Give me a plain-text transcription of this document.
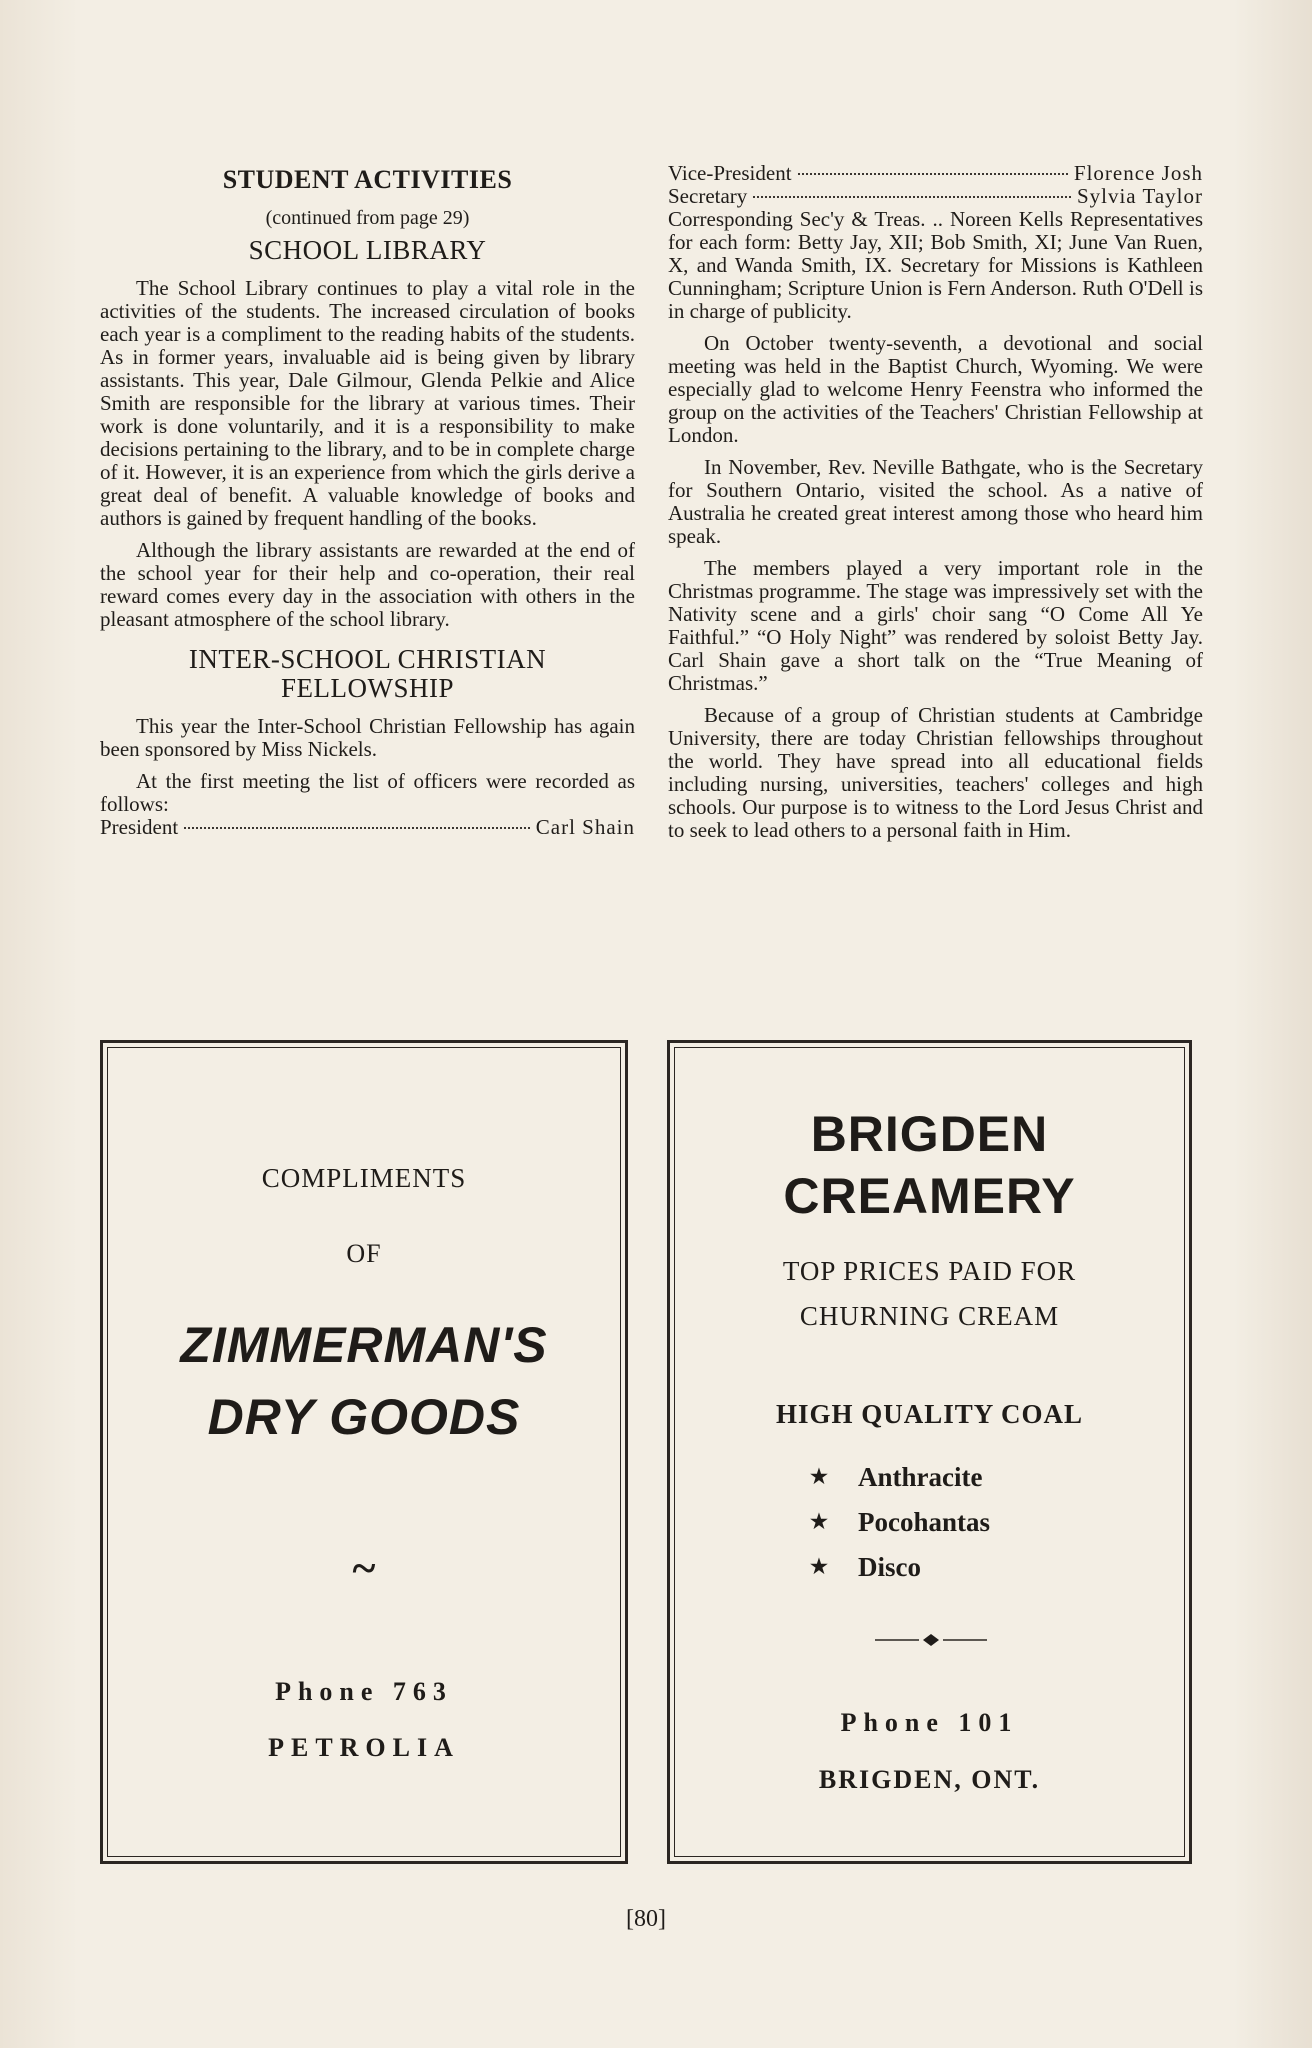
STUDENT ACTIVITIES
(continued from page 29)
SCHOOL LIBRARY

The School Library continues to play a vital role in the activities of the students. The increased circulation of books each year is a compliment to the reading habits of the students. As in former years, invaluable aid is being given by library assistants. This year, Dale Gilmour, Glenda Pelkie and Alice Smith are responsible for the library at various times. Their work is done voluntarily, and it is a responsibility to make decisions pertaining to the library, and to be in complete charge of it. However, it is an experience from which the girls derive a great deal of benefit. A valuable knowledge of books and authors is gained by frequent handling of the books.

Although the library assistants are rewarded at the end of the school year for their help and co-operation, their real reward comes every day in the association with others in the pleasant atmosphere of the school library.

INTER-SCHOOL CHRISTIAN FELLOWSHIP

This year the Inter-School Christian Fellowship has again been sponsored by Miss Nickels.

At the first meeting the list of officers were recorded as follows:

President	Carl Shain
Vice-President	Florence Josh
Secretary	Sylvia Taylor

Corresponding Sec'y & Treas. .. Noreen Kells Representatives for each form: Betty Jay, XII; Bob Smith, XI; June Van Ruen, X, and Wanda Smith, IX. Secretary for Missions is Kathleen Cunningham; Scripture Union is Fern Anderson. Ruth O'Dell is in charge of publicity.

On October twenty-seventh, a devotional and social meeting was held in the Baptist Church, Wyoming. We were especially glad to welcome Henry Feenstra who informed the group on the activities of the Teachers' Christian Fellowship at London.

In November, Rev. Neville Bathgate, who is the Secretary for Southern Ontario, visited the school. As a native of Australia he created great interest among those who heard him speak.

The members played a very important role in the Christmas programme. The stage was impressively set with the Nativity scene and a girls' choir sang “O Come All Ye Faithful.” “O Holy Night” was rendered by soloist Betty Jay. Carl Shain gave a short talk on the “True Meaning of Christmas.”

Because of a group of Christian students at Cambridge University, there are today Christian fellowships throughout the world. They have spread into all educational fields including nursing, universities, teachers' colleges and high schools. Our purpose is to witness to the Lord Jesus Christ and to seek to lead others to a personal faith in Him.

COMPLIMENTS
OF
ZIMMERMAN'S
DRY GOODS
~
Phone 763
PETROLIA
BRIGDEN
CREAMERY
TOP PRICES PAID FOR
CHURNING CREAM
HIGH QUALITY COAL
★	Anthracite
★	Pocohantas
★	Disco
Phone 101
BRIGDEN, ONT.
[80]
